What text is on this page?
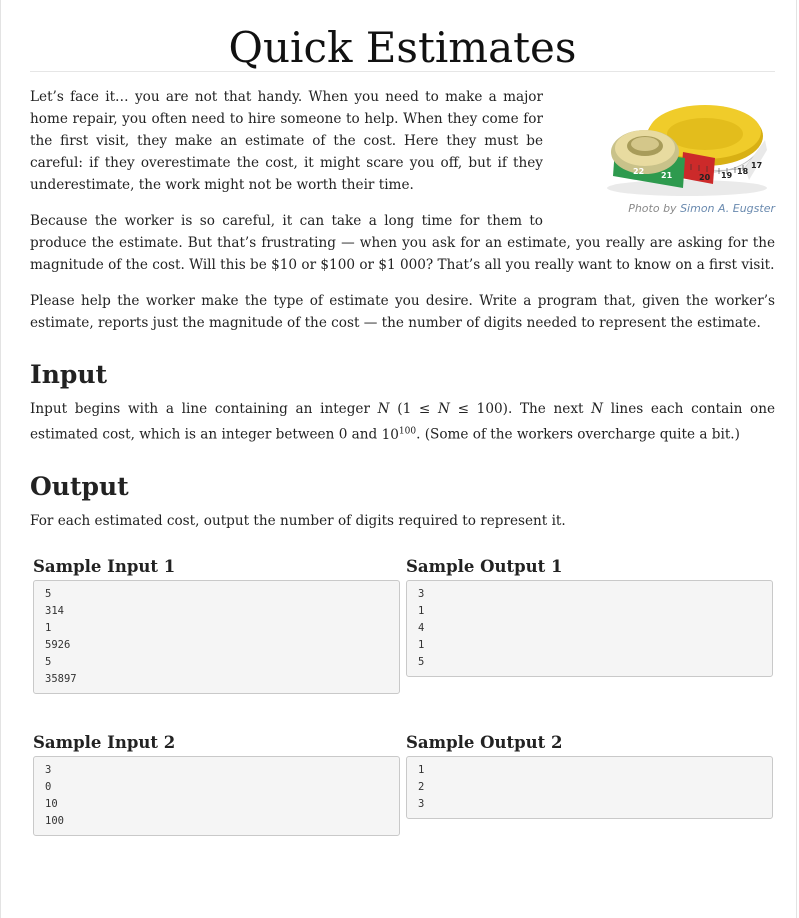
Quick Estimates
22 21	20 19 18
17
Photo by Simon A. Eugster

Let’s face it… you are not that handy. When you need to make a major home repair, you often need to hire someone to help. When they come for the first visit, they make an estimate of the cost. Here they must be careful: if they overestimate the cost, it might scare you off, but if they underestimate, the work might not be worth their time.

Because the worker is so careful, it can take a long time for them to produce the estimate. But that’s frustrating — when you ask for an estimate, you really are asking for the magnitude of the cost. Will this be $10 or $100 or $1 000? That’s all you really want to know on a first visit.

Please help the worker make the type of estimate you desire. Write a program that, given the worker’s estimate, reports just the magnitude of the cost — the number of digits needed to represent the estimate.

Input

Input begins with a line containing an integer N (1 ≤ N ≤ 100). The next N lines each contain one estimated cost, which is an integer between 0 and $10^{100}$. (Some of the workers overcharge quite a bit.)

Output

For each estimated cost, output the number of digits required to represent it.

Sample Input 1
5
314
1
5926
5
35897
Sample Output 1
3
1
4
1
5
Sample Input 2
3
0
10
100
Sample Output 2
1
2
3
